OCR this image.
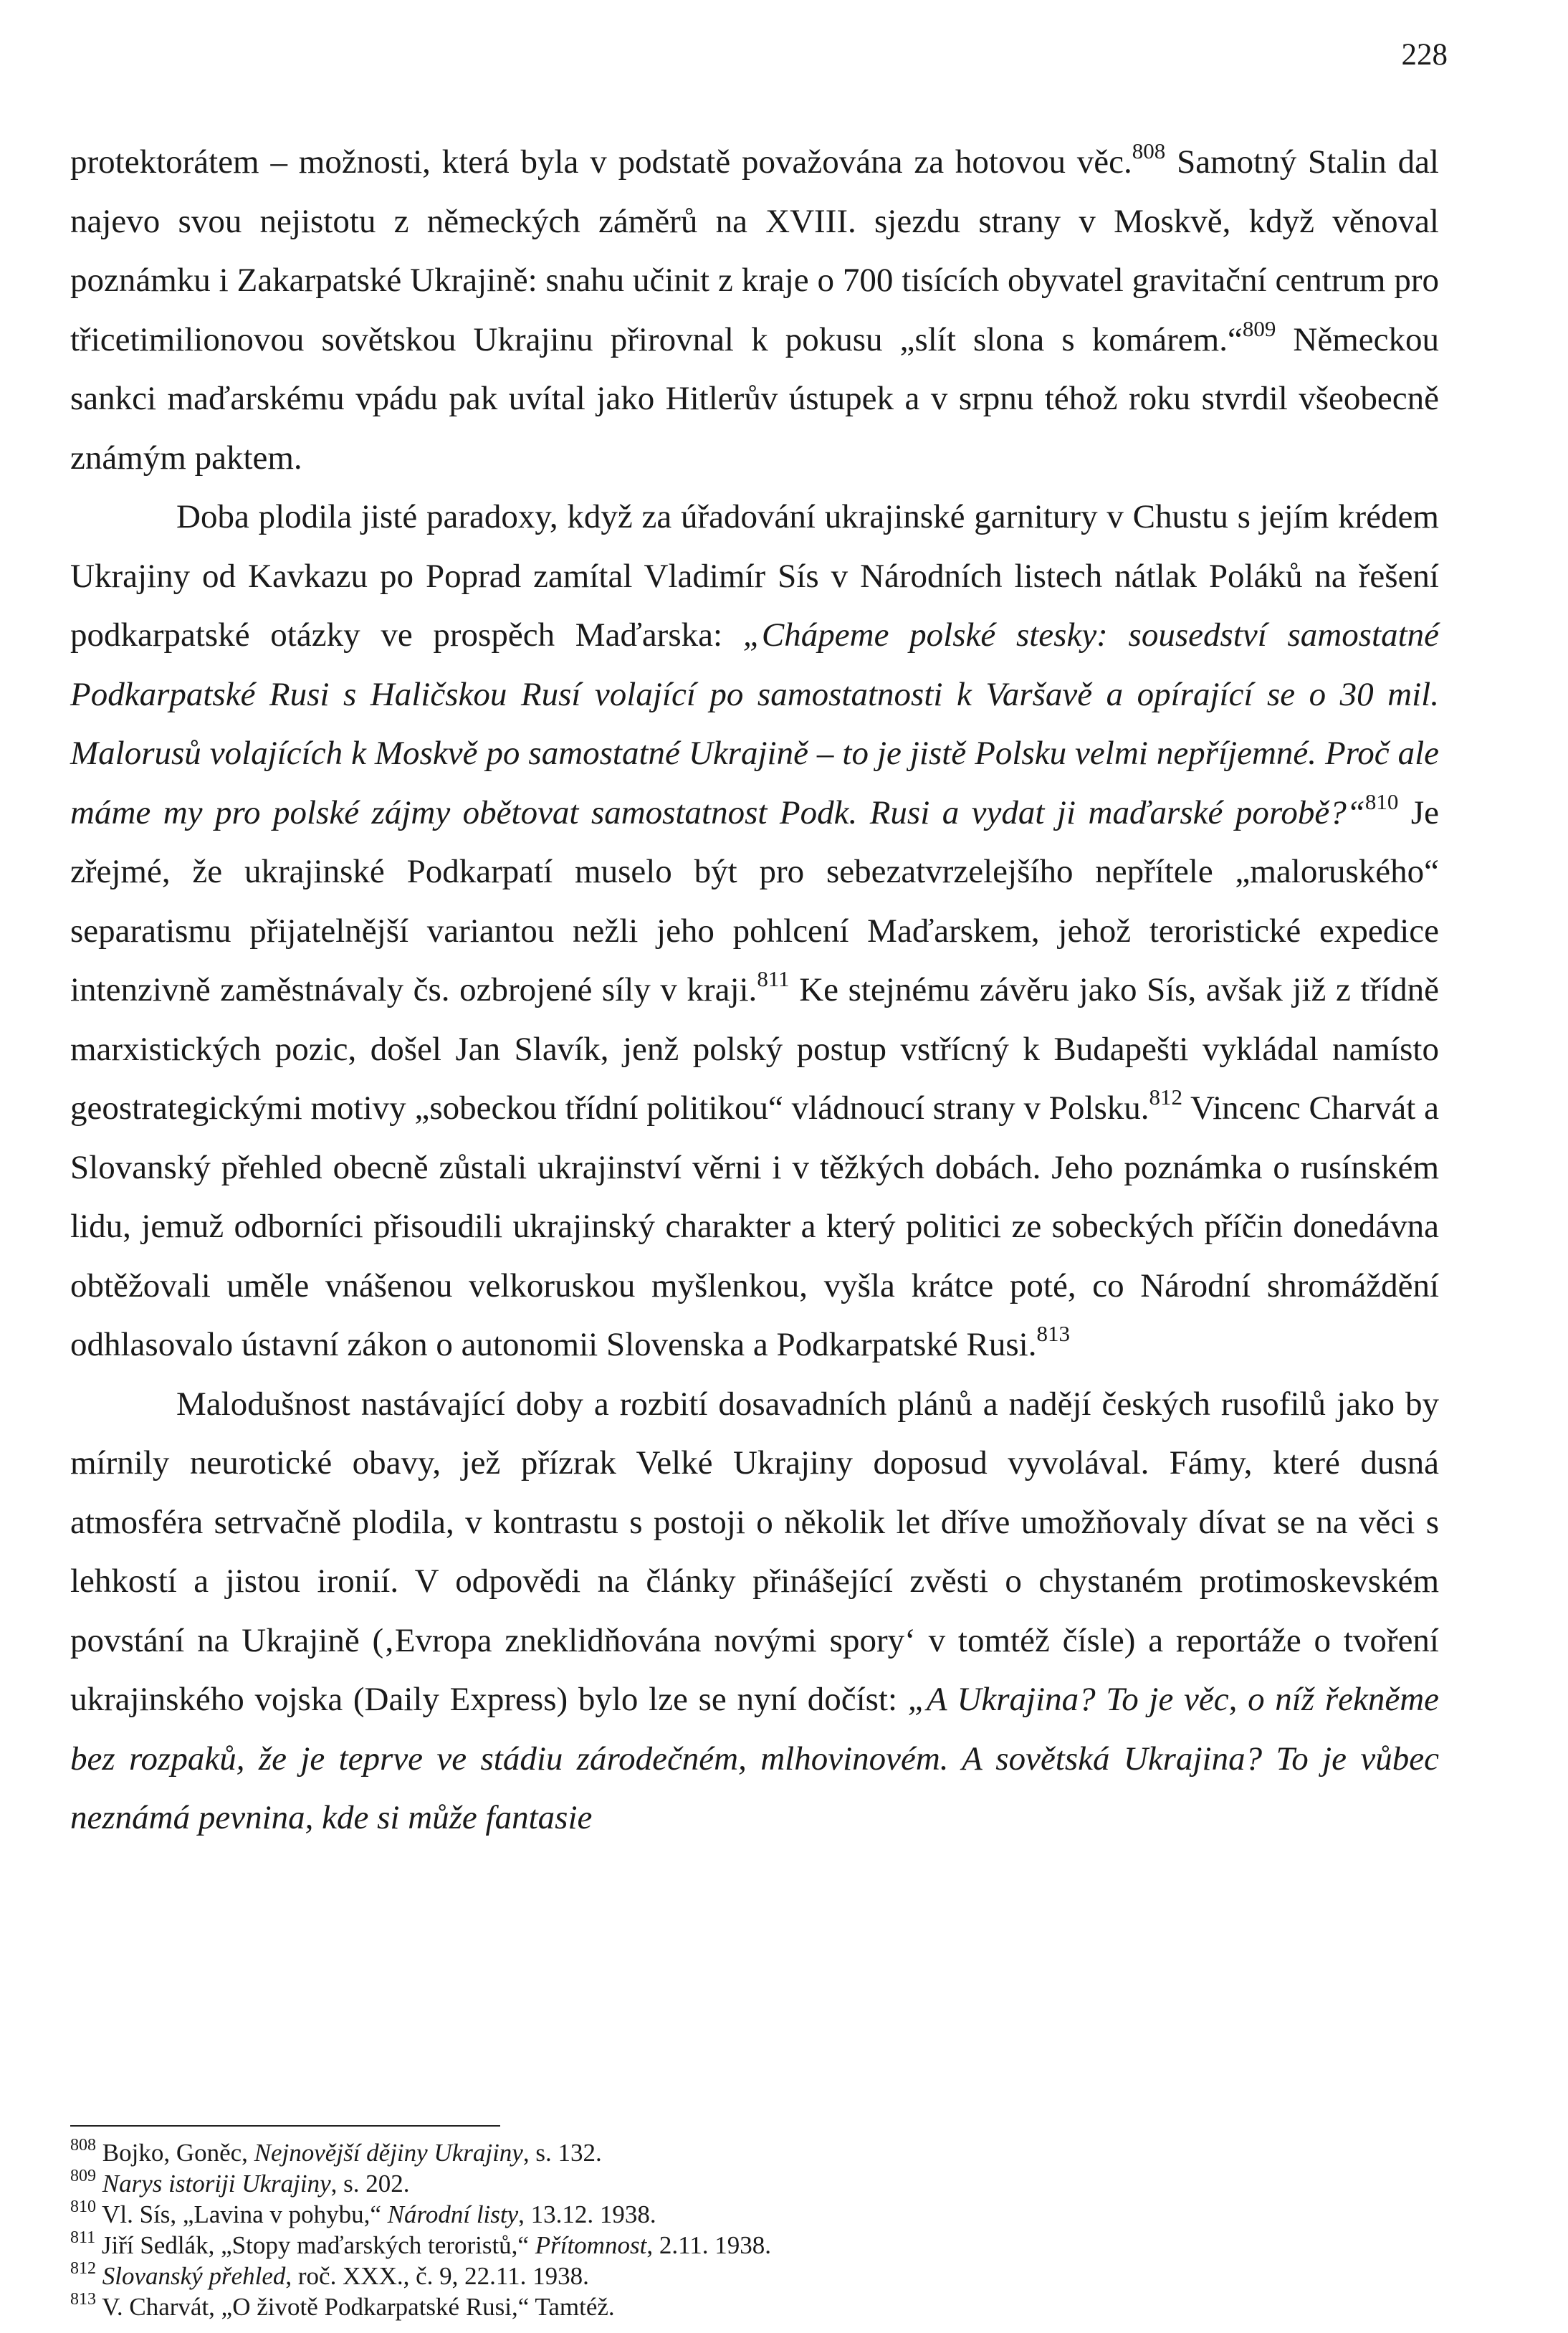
228

protektorátem – možnosti, která byla v podstatě považována za hotovou věc.$^{808}$ Samotný Stalin dal najevo svou nejistotu z německých záměrů na XVIII. sjezdu strany v Moskvě, když věnoval poznámku i Zakarpatské Ukrajině: snahu učinit z kraje o 700 tisících obyvatel gravitační centrum pro třicetimilionovou sovětskou Ukrajinu přirovnal k pokusu „slít slona s komárem.“$^{809}$ Německou sankci maďarskému vpádu pak uvítal jako Hitlerův ústupek a v srpnu téhož roku stvrdil všeobecně známým paktem.

Doba plodila jisté paradoxy, když za úřadování ukrajinské garnitury v Chustu s jejím krédem Ukrajiny od Kavkazu po Poprad zamítal Vladimír Sís v Národních listech nátlak Poláků na řešení podkarpatské otázky ve prospěch Maďarska: „Chápeme polské stesky: sousedství samostatné Podkarpatské Rusi s Haličskou Rusí volající po samostatnosti k Varšavě a opírající se o 30 mil. Malorusů volajících k Moskvě po samostatné Ukrajině – to je jistě Polsku velmi nepříjemné. Proč ale máme my pro polské zájmy obětovat samostatnost Podk. Rusi a vydat ji maďarské porobě?“$^{810}$ Je zřejmé, že ukrajinské Podkarpatí muselo být pro sebezatvrzelejšího nepřítele „maloruského“ separatismu přijatelnější variantou nežli jeho pohlcení Maďarskem, jehož teroristické expedice intenzivně zaměstnávaly čs. ozbrojené síly v kraji.$^{811}$ Ke stejnému závěru jako Sís, avšak již z třídně marxistických pozic, došel Jan Slavík, jenž polský postup vstřícný k Budapešti vykládal namísto geostrategickými motivy „sobeckou třídní politikou“ vládnoucí strany v Polsku.$^{812}$ Vincenc Charvát a Slovanský přehled obecně zůstali ukrajinství věrni i v těžkých dobách. Jeho poznámka o rusínském lidu, jemuž odborníci přisoudili ukrajinský charakter a který politici ze sobeckých příčin donedávna obtěžovali uměle vnášenou velkoruskou myšlenkou, vyšla krátce poté, co Národní shromáždění odhlasovalo ústavní zákon o autonomii Slovenska a Podkarpatské Rusi.$^{813}$

Malodušnost nastávající doby a rozbití dosavadních plánů a nadějí českých rusofilů jako by mírnily neurotické obavy, jež přízrak Velké Ukrajiny doposud vyvolával. Fámy, které dusná atmosféra setrvačně plodila, v kontrastu s postoji o několik let dříve umožňovaly dívat se na věci s lehkostí a jistou ironií. V odpovědi na články přinášející zvěsti o chystaném protimoskevském povstání na Ukrajině (‚Evropa zneklidňována novými spory‘ v tomtéž čísle) a reportáže o tvoření ukrajinského vojska (Daily Express) bylo lze se nyní dočíst: „A Ukrajina? To je věc, o níž řekněme bez rozpaků, že je teprve ve stádiu zárodečném, mlhovinovém. A sovětská Ukrajina? To je vůbec neznámá pevnina, kde si může fantasie

$^{808}$ Bojko, Goněc, Nejnovější dějiny Ukrajiny, s. 132.
$^{809}$ Narys istoriji Ukrajiny, s. 202.
$^{810}$ Vl. Sís, „Lavina v pohybu,“ Národní listy, 13.12. 1938.
$^{811}$ Jiří Sedlák, „Stopy maďarských teroristů,“ Přítomnost, 2.11. 1938.
$^{812}$ Slovanský přehled, roč. XXX., č. 9, 22.11. 1938.
$^{813}$ V. Charvát, „O životě Podkarpatské Rusi,“ Tamtéž.
